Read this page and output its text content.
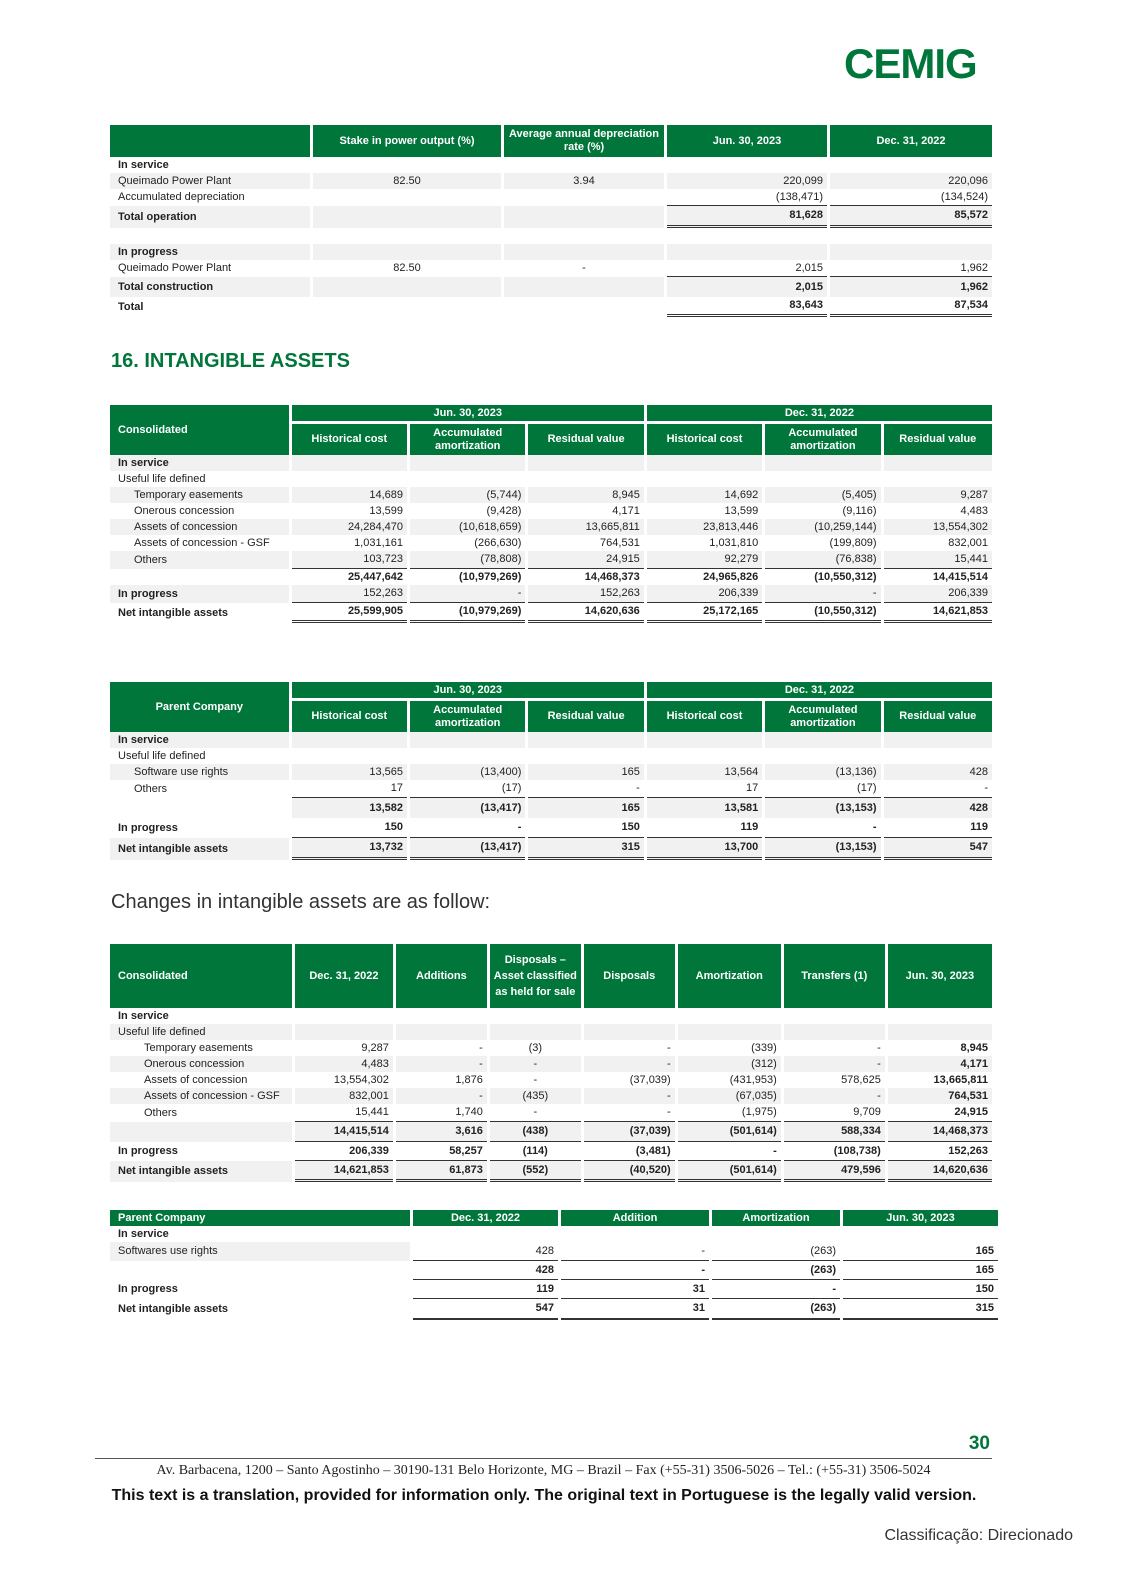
CEMIG
	Stake in power output (%)	Average annual depreciation rate (%)	Jun. 30, 2023	Dec. 31, 2022
In service				
Queimado Power Plant	82.50	3.94	220,099	220,096
Accumulated depreciation			(138,471)	(134,524)
Total operation			81,628	85,572

In progress				
Queimado Power Plant	82.50	-	2,015	1,962
Total construction			2,015	1,962
Total			83,643	87,534
16. INTANGIBLE ASSETS
Consolidated	Jun. 30, 2023			Dec. 31, 2022		
	Historical cost	Accumulated amortization	Residual value	Historical cost	Accumulated amortization	Residual value
In service						
Useful life defined						
Temporary easements	14,689	(5,744)	8,945	14,692	(5,405)	9,287
Onerous concession	13,599	(9,428)	4,171	13,599	(9,116)	4,483
Assets of concession	24,284,470	(10,618,659)	13,665,811	23,813,446	(10,259,144)	13,554,302
Assets of concession - GSF	1,031,161	(266,630)	764,531	1,031,810	(199,809)	832,001
Others	103,723	(78,808)	24,915	92,279	(76,838)	15,441
	25,447,642	(10,979,269)	14,468,373	24,965,826	(10,550,312)	14,415,514
In progress	152,263	-	152,263	206,339	-	206,339
Net intangible assets	25,599,905	(10,979,269)	14,620,636	25,172,165	(10,550,312)	14,621,853
Parent Company	Jun. 30, 2023			Dec. 31, 2022		
	Historical cost	Accumulated amortization	Residual value	Historical cost	Accumulated amortization	Residual value
In service						
Useful life defined						
Software use rights	13,565	(13,400)	165	13,564	(13,136)	428
Others	17	(17)	-	17	(17)	-
	13,582	(13,417)	165	13,581	(13,153)	428
In progress	150	-	150	119	-	119
Net intangible assets	13,732	(13,417)	315	13,700	(13,153)	547

Changes in intangible assets are as follow:

Consolidated	Dec. 31, 2022	Additions	Disposals – Asset classified as held for sale	Disposals	Amortization	Transfers (1)	Jun. 30, 2023
In service							
Useful life defined							
Temporary easements	9,287	-	(3)	-	(339)	-	8,945
Onerous concession	4,483	-	-	-	(312)	-	4,171
Assets of concession	13,554,302	1,876	-	(37,039)	(431,953)	578,625	13,665,811
Assets of concession - GSF	832,001	-	(435)	-	(67,035)	-	764,531
Others	15,441	1,740	-	-	(1,975)	9,709	24,915
	14,415,514	3,616	(438)	(37,039)	(501,614)	588,334	14,468,373
In progress	206,339	58,257	(114)	(3,481)	-	(108,738)	152,263
Net intangible assets	14,621,853	61,873	(552)	(40,520)	(501,614)	479,596	14,620,636
Parent Company	Dec. 31, 2022	Addition	Amortization	Jun. 30, 2023
In service				
Softwares use rights	428	-	(263)	165
	428	-	(263)	165
In progress	119	31	-	150
Net intangible assets	547	31	(263)	315
30
Av. Barbacena, 1200 – Santo Agostinho – 30190-131 Belo Horizonte, MG – Brazil – Fax (+55-31) 3506-5026 – Tel.: (+55-31) 3506-5024
This text is a translation, provided for information only. The original text in Portuguese is the legally valid version.
Classificação: Direcionado
